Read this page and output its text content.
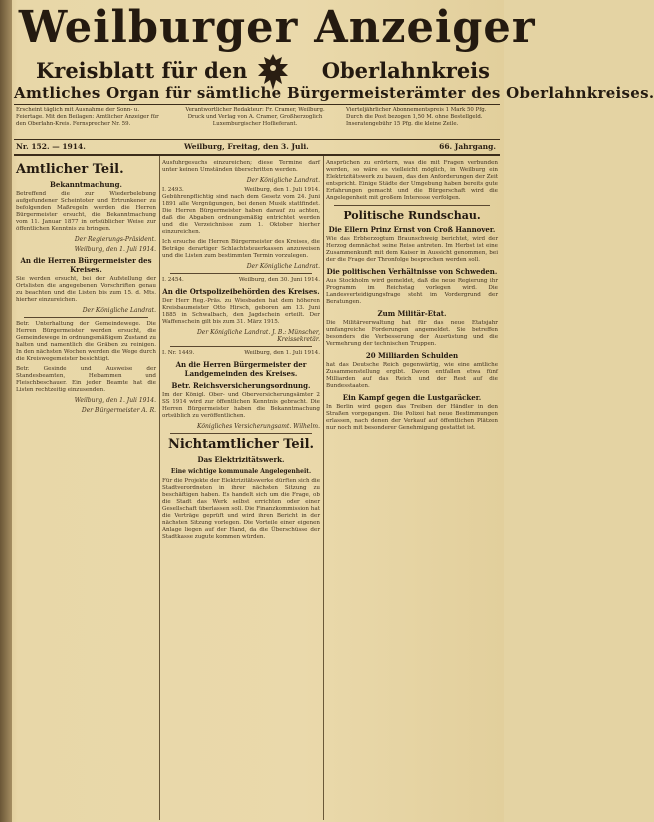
Weilburger Anzeiger
Kreisblatt für den	Oberlahnkreis
Amtliches Organ für sämtliche Bürgermeisterämter des Oberlahnkreises.
Erscheint täglich mit Ausnahme der Sonn- u. Feiertage. Mit den Beilagen: Amtlicher Anzeiger für den Oberlahn-Kreis. Fernsprecher Nr. 59.
Verantwortlicher Redakteur: Fr. Cramer, Weilburg. Druck und Verlag von A. Cramer, Großherzoglich Luxemburgischer Hoflieferant.
Vierteljährlicher Abonnementspreis 1 Mark 50 Pfg. Durch die Post bezogen 1,50 M. ohne Bestellgeld. Inseratengebühr 15 Pfg. die kleine Zeile.
Nr. 152. — 1914.	Weilburg, Freitag, den 3. Juli.	66. Jahrgang.
Amtlicher Teil.
Bekanntmachung.

Betreffend die zur Wiederbelebung aufgefundener Scheintoter und Ertrunkener zu befolgenden Maßregeln werden die Herren Bürgermeister ersucht, die Bekanntmachung vom 11. Januar 1877 in ortsüblicher Weise zur öffentlichen Kenntnis zu bringen.

Der Regierungs-Präsident.
Weilburg, den 1. Juli 1914.
An die Herren Bürgermeister des Kreises.

Sie werden ersucht, bei der Aufstellung der Ortslisten die angegebenen Vorschriften genau zu beachten und die Listen bis zum 15. d. Mts. hierher einzureichen.

Der Königliche Landrat.

Betr. Unterhaltung der Gemeindewege. Die Herren Bürgermeister werden ersucht, die Gemeindewege in ordnungsmäßigem Zustand zu halten und namentlich die Gräben zu reinigen. In den nächsten Wochen werden die Wege durch die Kreiswegemeister besichtigt.

Betr. Gesinde und Ausweise der Standesbeamten, Hebammen und Fleischbeschauer. Ein jeder Beamte hat die Listen rechtzeitig einzusenden.

Weilburg, den 1. Juli 1914.
Der Bürgermeister A. R.

Ausfuhrgesuchs einzureichen; diese Termine darf unter keinen Umständen überschritten werden.

Der Königliche Landrat.
I. 2493.	Weilburg, den 1. Juli 1914.

Gebührenpflichtig sind nach dem Gesetz vom 24. Juni 1891 alle Vergnügungen, bei denen Musik stattfindet. Die Herren Bürgermeister haben darauf zu achten, daß die Abgaben ordnungsmäßig entrichtet werden und die Verzeichnisse zum 1. Oktober hierher einzureichen.

Ich ersuche die Herren Bürgermeister des Kreises, die Beträge derartiger Schlachtsteuerkassen anzuweisen und die Listen zum bestimmten Termin vorzulegen.

Der Königliche Landrat.
I. 2454.	Weilburg, den 30. Juni 1914.
An die Ortspolizeibehörden des Kreises.

Der Herr Reg.-Präs. zu Wiesbaden hat dem höheren Kreisbaumeister Otto Hirsch, geboren am 13. Juni 1885 in Schwalbach, den Jagdschein erteilt. Der Waffenschein gilt bis zum 31. März 1915.

Der Königliche Landrat. J. B.: Münscher, Kreissekretär.
I. Nr. 1449.	Weilburg, den 1. Juli 1914.
An die Herren Bürgermeister der Landgemeinden des Kreises.
Betr. Reichsversicherungsordnung.

Im der Königl. Ober- und Oberversicherungsämter 2 SS 1914 wird zur öffentlichen Kenntnis gebracht. Die Herren Bürgermeister haben die Bekanntmachung ortsüblich zu veröffentlichen.

Königliches Versicherungsamt. Wilhelm.
Nichtamtlicher Teil.
Das Elektrizitätswerk.
Eine wichtige kommunale Angelegenheit.

Für die Projekte der Elektrizitätswerke dürften sich die Stadtverordneten in ihrer nächsten Sitzung zu beschäftigen haben. Es handelt sich um die Frage, ob die Stadt das Werk selbst errichten oder einer Gesellschaft überlassen soll. Die Finanzkommission hat die Verträge geprüft und wird ihren Bericht in der nächsten Sitzung vorlegen. Die Vorteile einer eigenen Anlage liegen auf der Hand, da die Überschüsse der Stadtkasse zugute kommen würden.

Ansprüchen zu erörtern, was die mit Fragen verbunden werden, so wäre es vielleicht möglich, in Weilburg ein Elektrizitätswerk zu bauen, das den Anforderungen der Zeit entspricht. Einige Städte der Umgebung haben bereits gute Erfahrungen gemacht und die Bürgerschaft wird die Angelegenheit mit großem Interesse verfolgen.

Politische Rundschau.
Die Ellern Prinz Ernst von Croß Hannover.

Wie das Erbherzogtum Braunschweig berichtet, wird der Herzog demnächst seine Reise antreten. Im Herbst ist eine Zusammenkunft mit dem Kaiser in Aussicht genommen, bei der die Frage der Thronfolge besprochen werden soll.

Die politischen Verhältnisse von Schweden.

Aus Stockholm wird gemeldet, daß die neue Regierung ihr Programm im Reichstag vorlegen wird. Die Landesverteidigungsfrage steht im Vordergrund der Beratungen.

Zum Militär-Etat.

Die Militärverwaltung hat für das neue Etatsjahr umfangreiche Forderungen angemeldet. Sie betreffen besonders die Verbesserung der Ausrüstung und die Vermehrung der technischen Truppen.

20 Milliarden Schulden

hat das Deutsche Reich gegenwärtig, wie eine amtliche Zusammenstellung ergibt. Davon entfallen etwa fünf Milliarden auf das Reich und der Rest auf die Bundesstaaten.

Ein Kampf gegen die Lustgaräcker.

In Berlin wird gegen das Treiben der Händler in den Straßen vorgegangen. Die Polizei hat neue Bestimmungen erlassen, nach denen der Verkauf auf öffentlichen Plätzen nur noch mit besonderer Genehmigung gestattet ist.
